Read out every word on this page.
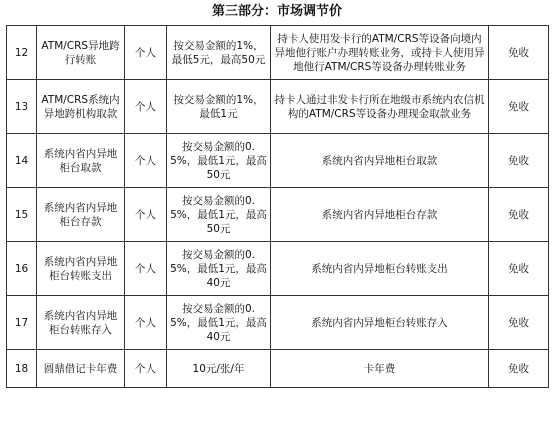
第三部分：市场调节价
12	ATM/CRS异地跨行转账	个人	按交易金额的1%，最低5元，最高50元	持卡人使用发卡行的ATM/CRS等设备向境内异地他行账户办理转账业务，或持卡人使用异地他行ATM/CRS等设备办理转账业务	免收
13	ATM/CRS系统内异地跨机构取款	个人	按交易金额的1%，最低1元	持卡人通过非发卡行所在地级市系统内农信机构的ATM/CRS等设备办理现金取款业务	免收
14	系统内省内异地柜台取款	个人	按交易金额的0.5%，最低1元，最高50元	系统内省内异地柜台取款	免收
15	系统内省内异地柜台存款	个人	按交易金额的0.5%，最低1元，最高50元	系统内省内异地柜台存款	免收
16	系统内省内异地柜台转账支出	个人	按交易金额的0.5%，最低1元，最高40元	系统内省内异地柜台转账支出	免收
17	系统内省内异地柜台转账存入	个人	按交易金额的0.5%，最低1元，最高40元	系统内省内异地柜台转账存入	免收
18	圆鼎借记卡年费	个人	10元/张/年	卡年费	免收
